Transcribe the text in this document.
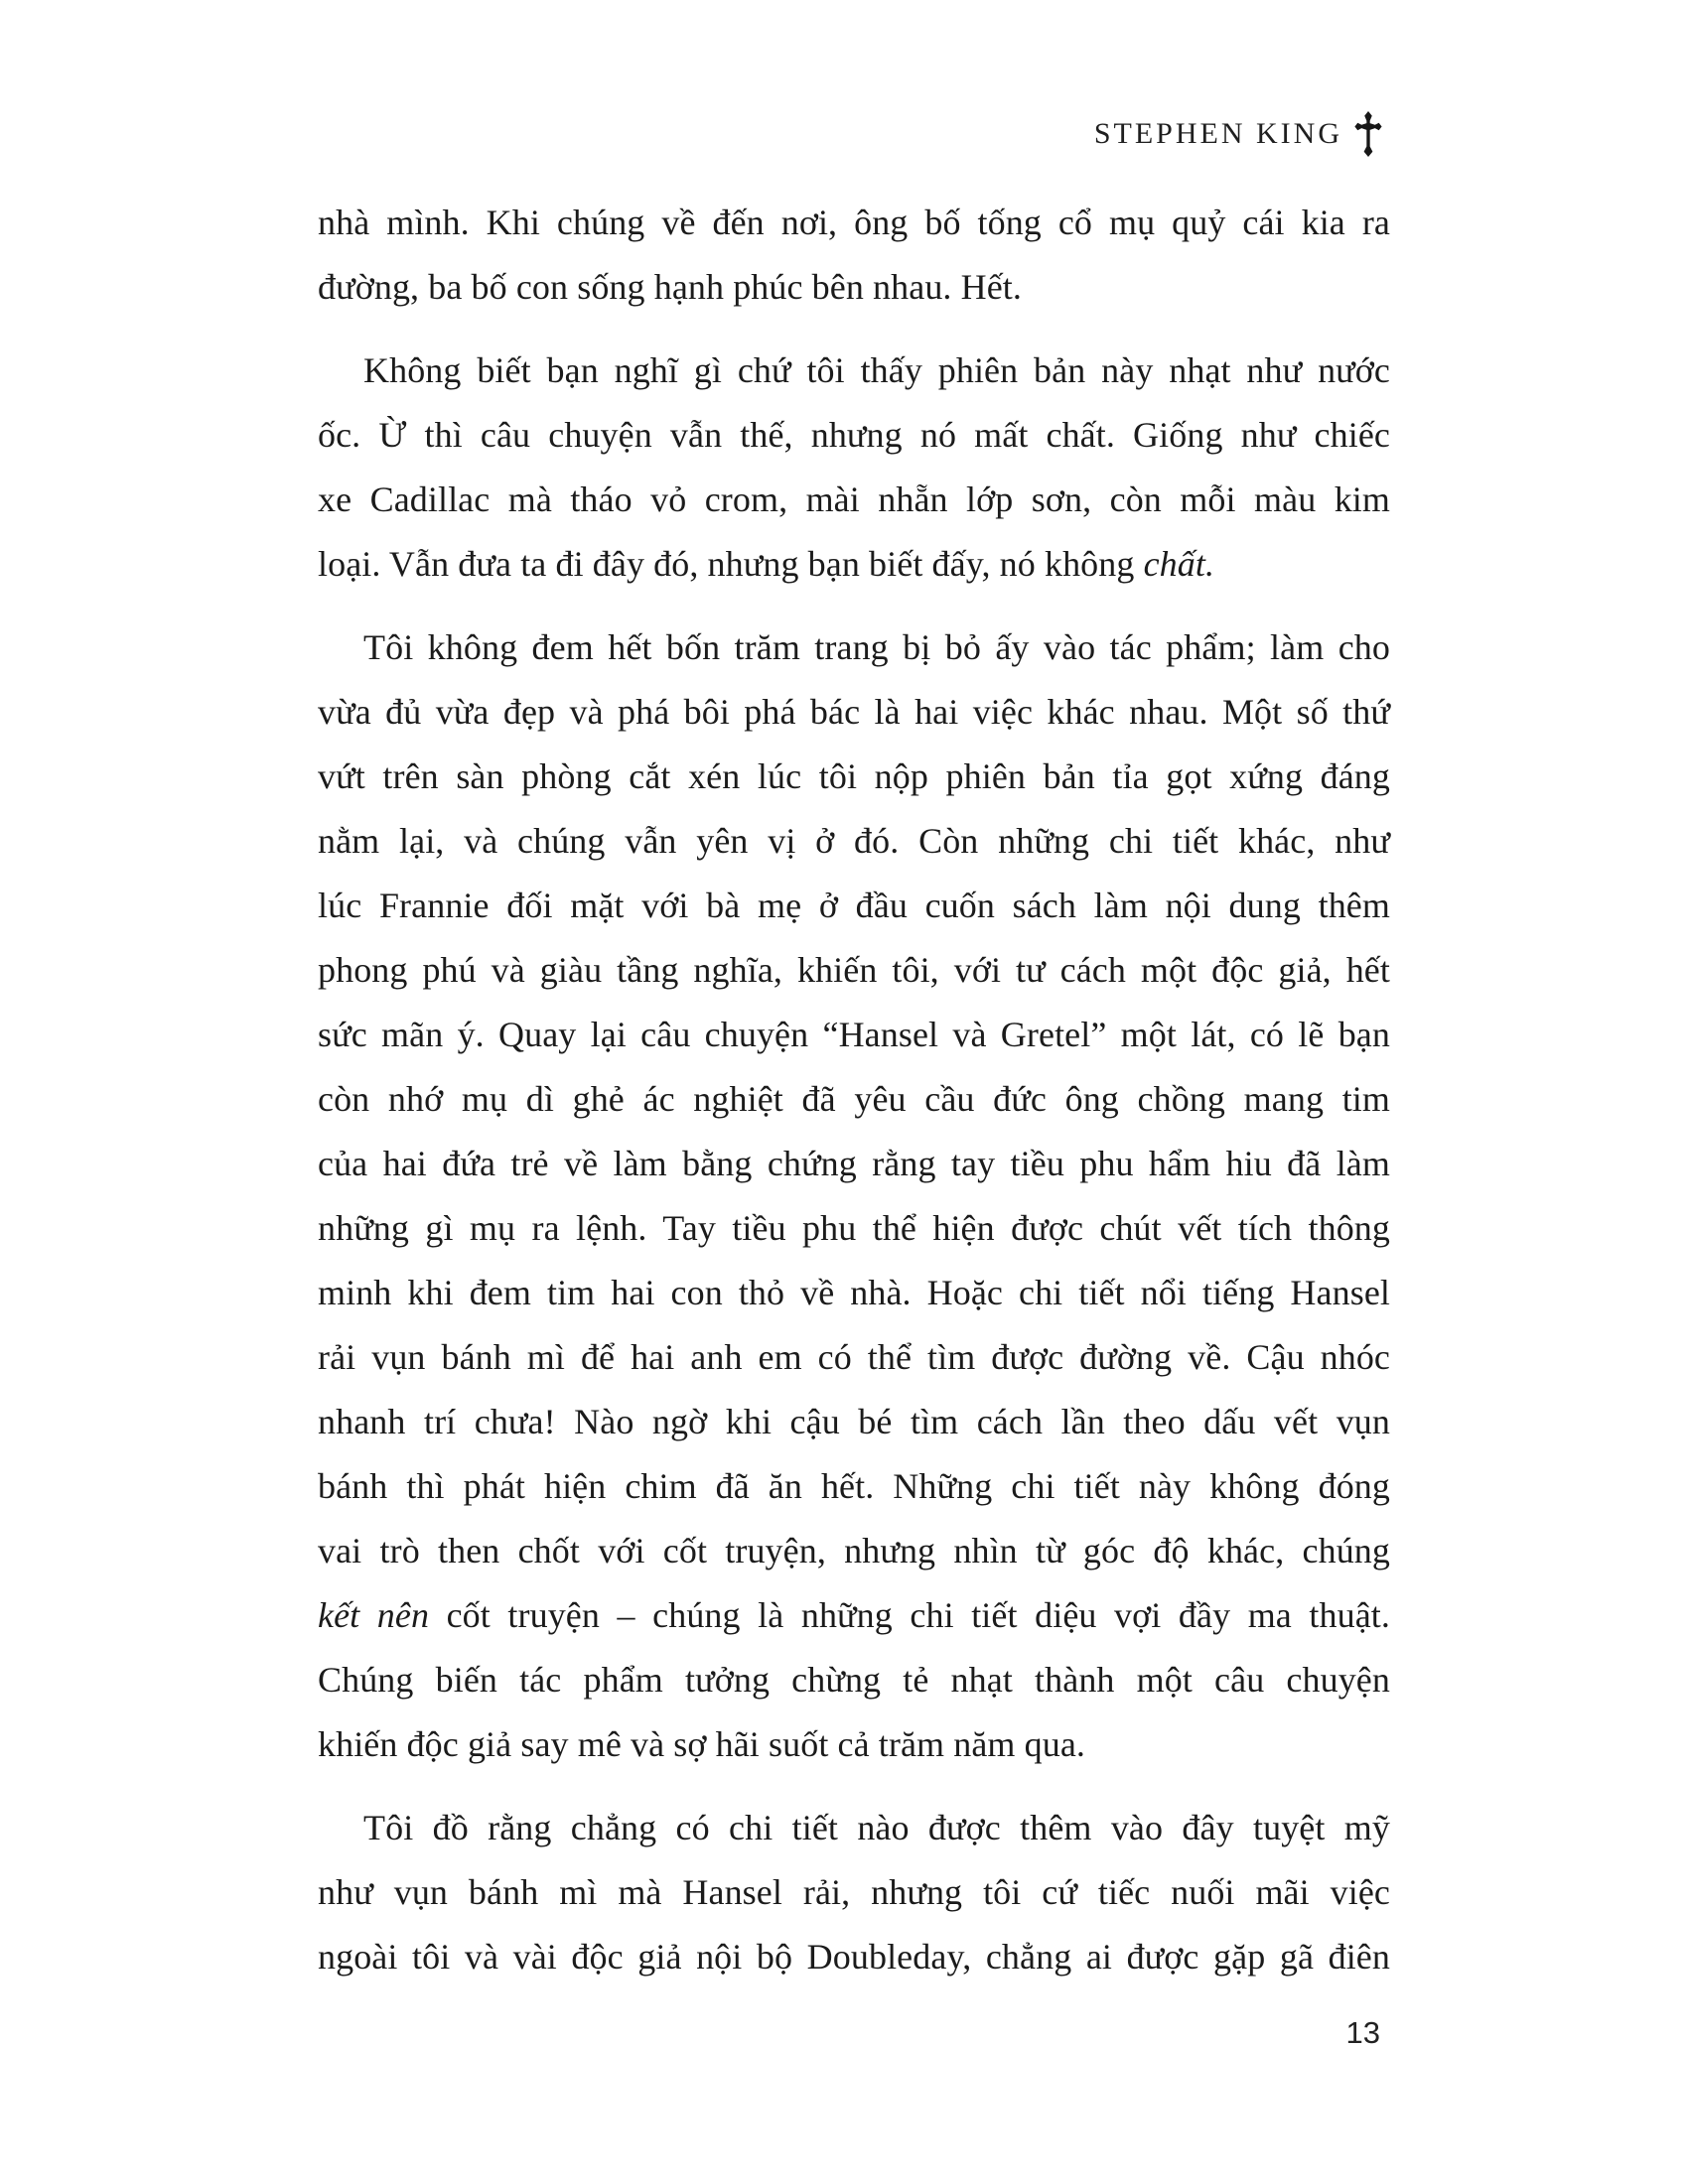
STEPHEN KING
nhà mình. Khi chúng về đến nơi, ông bố tống cổ mụ quỷ cái kia ra
đường, ba bố con sống hạnh phúc bên nhau. Hết.
Không biết bạn nghĩ gì chứ tôi thấy phiên bản này nhạt như nước
ốc. Ừ thì câu chuyện vẫn thế, nhưng nó mất chất. Giống như chiếc
xe Cadillac mà tháo vỏ crom, mài nhẵn lớp sơn, còn mỗi màu kim
loại. Vẫn đưa ta đi đây đó, nhưng bạn biết đấy, nó không chất.
Tôi không đem hết bốn trăm trang bị bỏ ấy vào tác phẩm; làm cho
vừa đủ vừa đẹp và phá bôi phá bác là hai việc khác nhau. Một số thứ
vứt trên sàn phòng cắt xén lúc tôi nộp phiên bản tỉa gọt xứng đáng
nằm lại, và chúng vẫn yên vị ở đó. Còn những chi tiết khác, như
lúc Frannie đối mặt với bà mẹ ở đầu cuốn sách làm nội dung thêm
phong phú và giàu tầng nghĩa, khiến tôi, với tư cách một độc giả, hết
sức mãn ý. Quay lại câu chuyện “Hansel và Gretel” một lát, có lẽ bạn
còn nhớ mụ dì ghẻ ác nghiệt đã yêu cầu đức ông chồng mang tim
của hai đứa trẻ về làm bằng chứng rằng tay tiều phu hẩm hiu đã làm
những gì mụ ra lệnh. Tay tiều phu thể hiện được chút vết tích thông
minh khi đem tim hai con thỏ về nhà. Hoặc chi tiết nổi tiếng Hansel
rải vụn bánh mì để hai anh em có thể tìm được đường về. Cậu nhóc
nhanh trí chưa! Nào ngờ khi cậu bé tìm cách lần theo dấu vết vụn
bánh thì phát hiện chim đã ăn hết. Những chi tiết này không đóng
vai trò then chốt với cốt truyện, nhưng nhìn từ góc độ khác, chúng
kết nên cốt truyện – chúng là những chi tiết diệu vợi đầy ma thuật.
Chúng biến tác phẩm tưởng chừng tẻ nhạt thành một câu chuyện
khiến độc giả say mê và sợ hãi suốt cả trăm năm qua.
Tôi đồ rằng chẳng có chi tiết nào được thêm vào đây tuyệt mỹ
như vụn bánh mì mà Hansel rải, nhưng tôi cứ tiếc nuối mãi việc
ngoài tôi và vài độc giả nội bộ Doubleday, chẳng ai được gặp gã điên
13
